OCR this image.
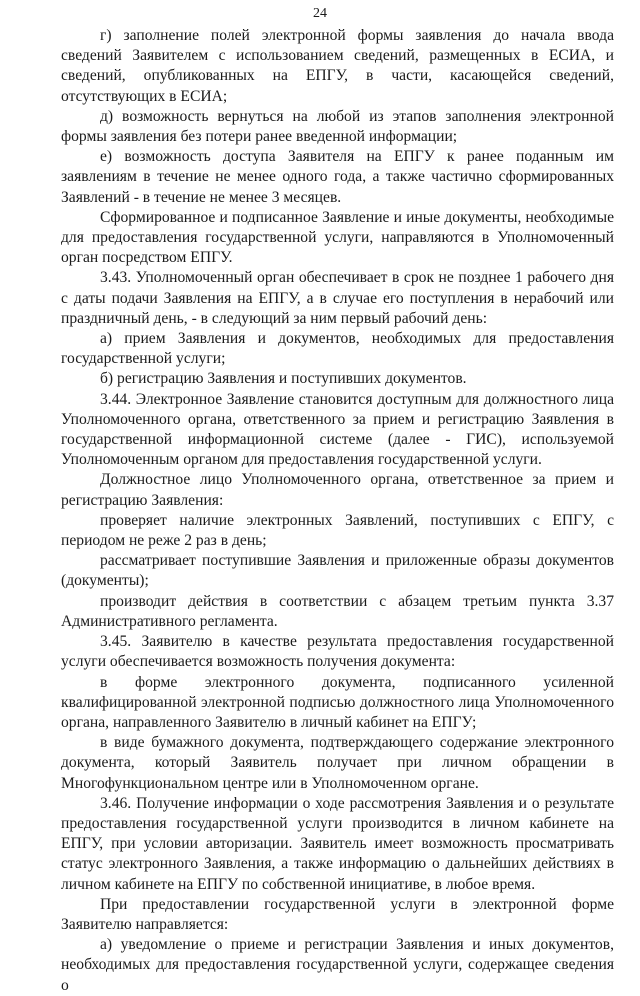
24

г) заполнение полей электронной формы заявления до начала ввода сведений Заявителем с использованием сведений, размещенных в ЕСИА, и сведений, опубликованных на ЕПГУ, в части, касающейся сведений, отсутствующих в ЕСИА;

д) возможность вернуться на любой из этапов заполнения электронной формы заявления без потери ранее введенной информации;

е) возможность доступа Заявителя на ЕПГУ к ранее поданным им заявлениям в течение не менее одного года, а также частично сформированных Заявлений - в течение не менее 3 месяцев.

Сформированное и подписанное Заявление и иные документы, необходимые для предоставления государственной услуги, направляются в Уполномоченный орган посредством ЕПГУ.

3.43. Уполномоченный орган обеспечивает в срок не позднее 1 рабочего дня с даты подачи Заявления на ЕПГУ, а в случае его поступления в нерабочий или праздничный день, - в следующий за ним первый рабочий день:

а) прием Заявления и документов, необходимых для предоставления государственной услуги;

б) регистрацию Заявления и поступивших документов.

3.44. Электронное Заявление становится доступным для должностного лица Уполномоченного органа, ответственного за прием и регистрацию Заявления в государственной информационной системе (далее - ГИС), используемой Уполномоченным органом для предоставления государственной услуги.

Должностное лицо Уполномоченного органа, ответственное за прием и регистрацию Заявления:

проверяет наличие электронных Заявлений, поступивших с ЕПГУ, с периодом не реже 2 раз в день;

рассматривает поступившие Заявления и приложенные образы документов (документы);

производит действия в соответствии с абзацем третьим пункта 3.37 Административного регламента.

3.45. Заявителю в качестве результата предоставления государственной услуги обеспечивается возможность получения документа:

в форме электронного документа, подписанного усиленной квалифицированной электронной подписью должностного лица Уполномоченного органа, направленного Заявителю в личный кабинет на ЕПГУ;

в виде бумажного документа, подтверждающего содержание электронного документа, который Заявитель получает при личном обращении в Многофункциональном центре или в Уполномоченном органе.

3.46. Получение информации о ходе рассмотрения Заявления и о результате предоставления государственной услуги производится в личном кабинете на ЕПГУ, при условии авторизации. Заявитель имеет возможность просматривать статус электронного Заявления, а также информацию о дальнейших действиях в личном кабинете на ЕПГУ по собственной инициативе, в любое время.

При предоставлении государственной услуги в электронной форме Заявителю направляется:

а) уведомление о приеме и регистрации Заявления и иных документов, необходимых для предоставления государственной услуги, содержащее сведения о
